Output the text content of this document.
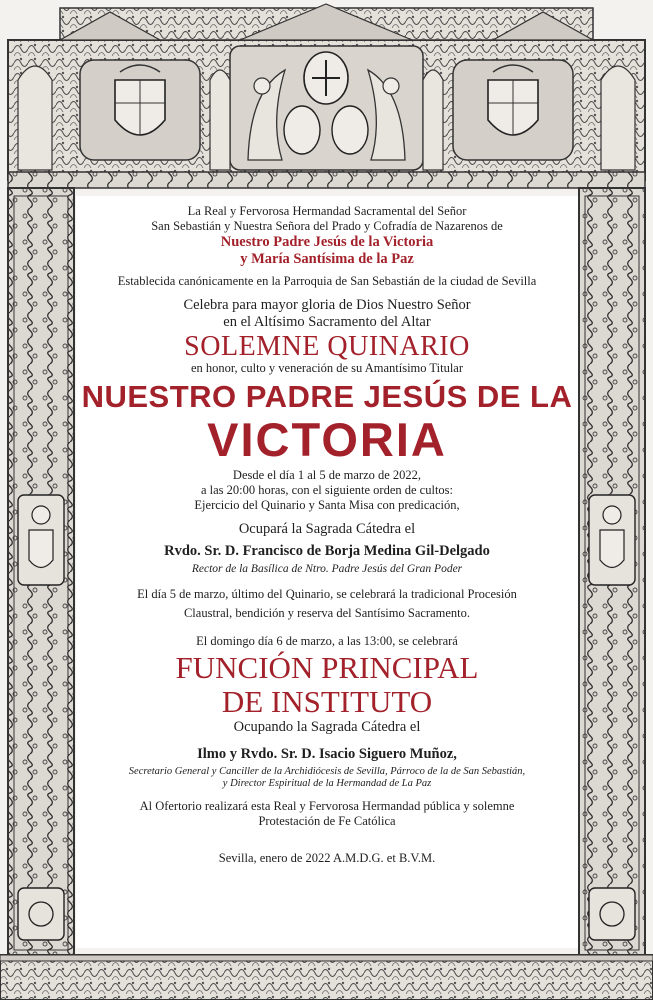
La Real y Fervorosa Hermandad Sacramental del Señor

San Sebastián y Nuestra Señora del Prado y Cofradía de Nazarenos de

Nuestro Padre Jesús de la Victoria

y María Santísima de la Paz

Establecida canónicamente en la Parroquia de San Sebastián de la ciudad de Sevilla

Celebra para mayor gloria de Dios Nuestro Señor

en el Altísimo Sacramento del Altar

SOLEMNE QUINARIO

en honor, culto y veneración de su Amantísimo Titular

NUESTRO PADRE JESÚS DE LA

VICTORIA

Desde el día 1 al 5 de marzo de 2022,

a las 20:00 horas, con el siguiente orden de cultos:

Ejercicio del Quinario y Santa Misa con predicación,

Ocupará la Sagrada Cátedra el

Rvdo. Sr. D. Francisco de Borja Medina Gil-Delgado

Rector de la Basílica de Ntro. Padre Jesús del Gran Poder

El día 5 de marzo, último del Quinario, se celebrará la tradicional Procesión

Claustral, bendición y reserva del Santísimo Sacramento.

El domingo día 6 de marzo, a las 13:00, se celebrará

FUNCIÓN PRINCIPAL

DE INSTITUTO

Ocupando la Sagrada Cátedra el

Ilmo y Rvdo. Sr. D. Isacio Siguero Muñoz,

Secretario General y Canciller de la Archidiócesis de Sevilla, Párroco de la de San Sebastián,

y Director Espiritual de la Hermandad de La Paz

Al Ofertorio realizará esta Real y Fervorosa Hermandad pública y solemne

Protestación de Fe Católica

Sevilla, enero de 2022 A.M.D.G. et B.V.M.
